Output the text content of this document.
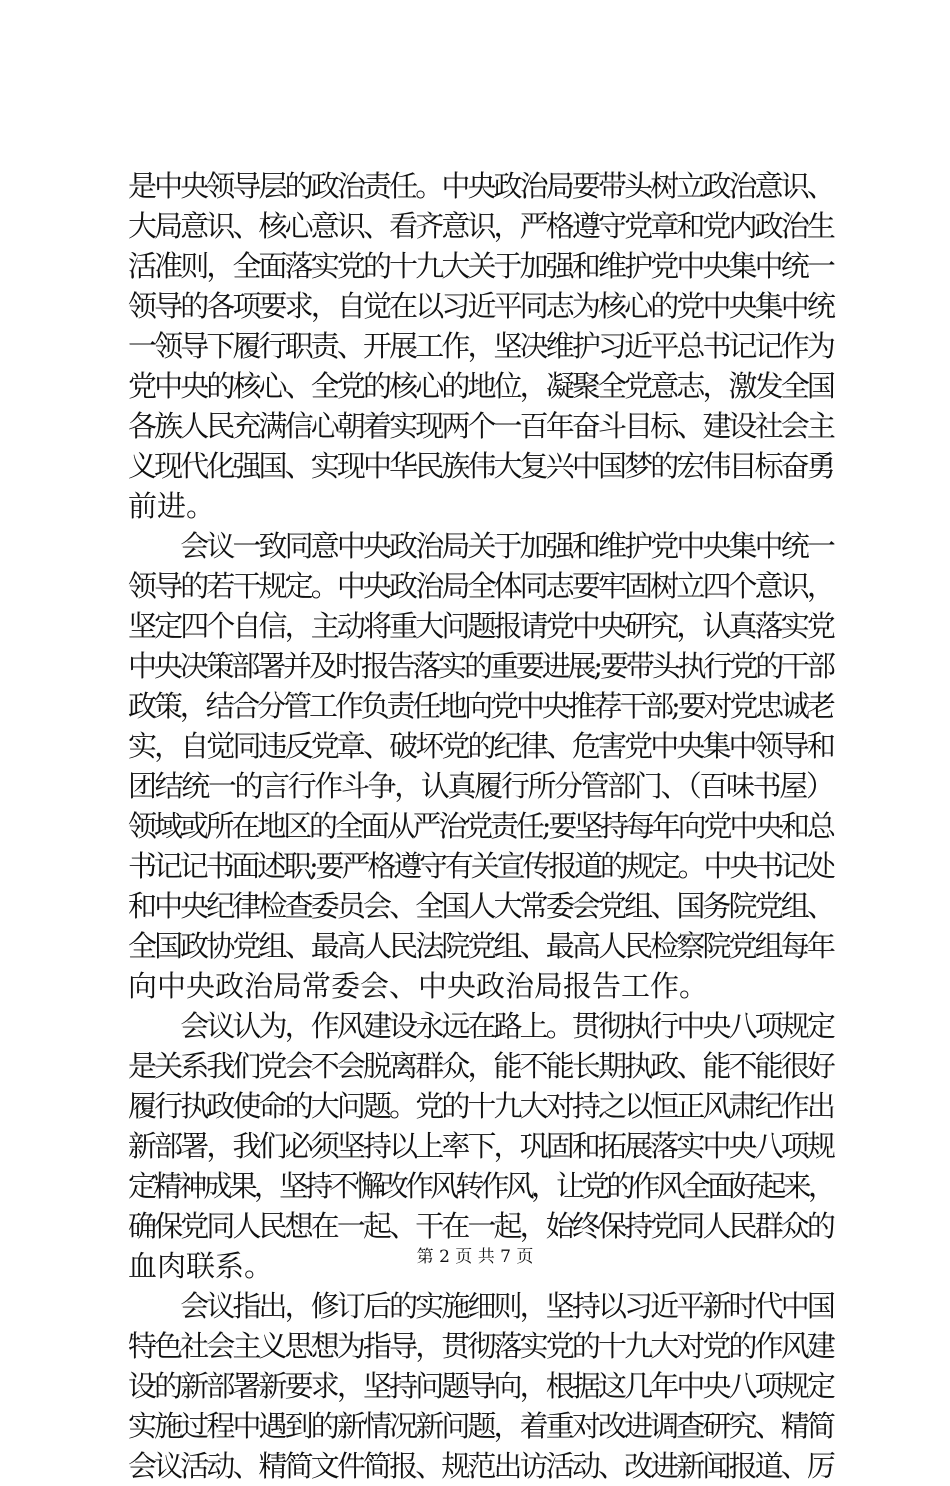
是中央领导层的政治责任。中央政治局要带头树立政治意识、
大局意识、核心意识、看齐意识，严格遵守党章和党内政治生
活准则，全面落实党的十九大关于加强和维护党中央集中统一
领导的各项要求，自觉在以习近平同志为核心的党中央集中统
一领导下履行职责、开展工作，坚决维护习近平总书记记作为
党中央的核心、全党的核心的地位，凝聚全党意志，激发全国
各族人民充满信心朝着实现两个一百年奋斗目标、建设社会主
义现代化强国、实现中华民族伟大复兴中国梦的宏伟目标奋勇
前进。
　　会议一致同意中央政治局关于加强和维护党中央集中统一
领导的若干规定。中央政治局全体同志要牢固树立四个意识，
坚定四个自信，主动将重大问题报请党中央研究，认真落实党
中央决策部署并及时报告落实的重要进展;要带头执行党的干部
政策，结合分管工作负责任地向党中央推荐干部;要对党忠诚老
实，自觉同违反党章、破坏党的纪律、危害党中央集中领导和
团结统一的言行作斗争，认真履行所分管部门、（百味书屋）
领域或所在地区的全面从严治党责任;要坚持每年向党中央和总
书记记书面述职;要严格遵守有关宣传报道的规定。中央书记处
和中央纪律检查委员会、全国人大常委会党组、国务院党组、
全国政协党组、最高人民法院党组、最高人民检察院党组每年
向中央政治局常委会、中央政治局报告工作。
　　会议认为，作风建设永远在路上。贯彻执行中央八项规定
是关系我们党会不会脱离群众，能不能长期执政、能不能很好
履行执政使命的大问题。党的十九大对持之以恒正风肃纪作出
新部署，我们必须坚持以上率下，巩固和拓展落实中央八项规
定精神成果，坚持不懈改作风转作风，让党的作风全面好起来，
确保党同人民想在一起、干在一起，始终保持党同人民群众的
血肉联系。
　　会议指出，修订后的实施细则，坚持以习近平新时代中国
特色社会主义思想为指导，贯彻落实党的十九大对党的作风建
设的新部署新要求，坚持问题导向，根据这几年中央八项规定
实施过程中遇到的新情况新问题，着重对改进调查研究、精简
会议活动、精简文件简报、规范出访活动、改进新闻报道、厉
第 2 页 共 7 页
